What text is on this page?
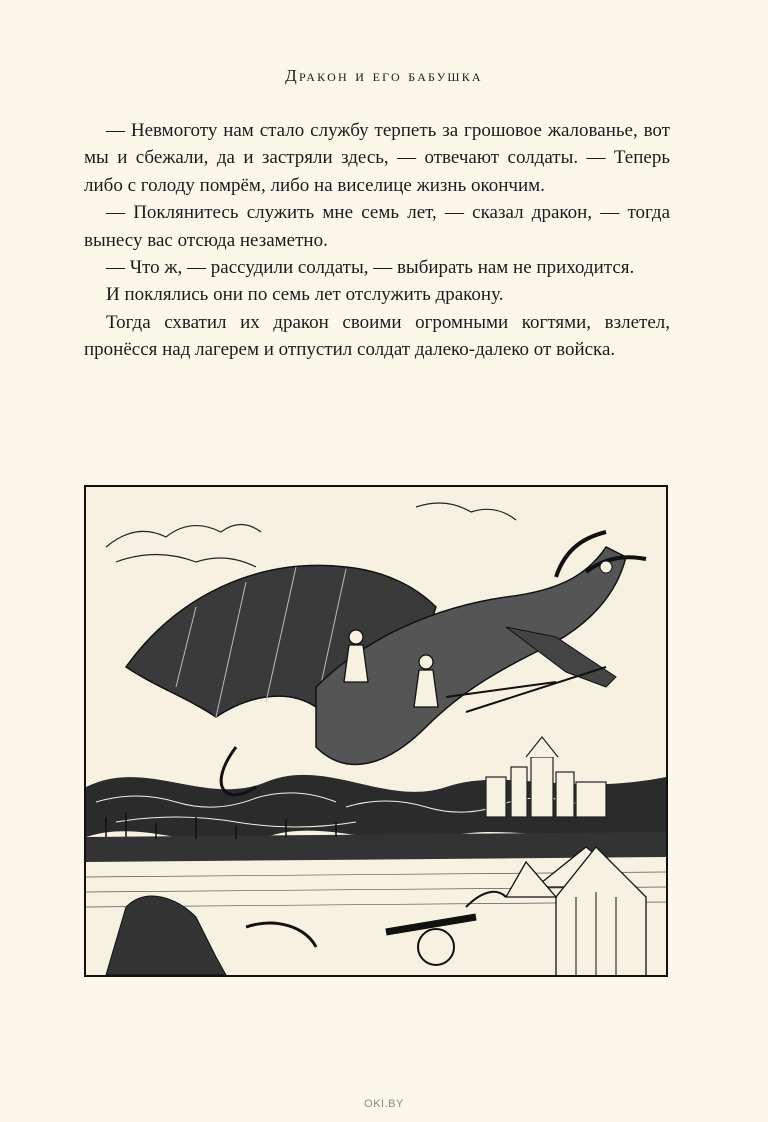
Дракон и его бабушка

— Невмоготу нам стало службу терпеть за грошовое жалованье, вот мы и сбежали, да и застряли здесь, — отвечают солдаты. — Теперь либо с голоду помрём, либо на виселице жизнь окончим.

— Поклянитесь служить мне семь лет, — сказал дракон, — тогда вынесу вас отсюда незаметно.

— Что ж, — рассудили солдаты, — выбирать нам не приходится.

И поклялись они по семь лет отслужить дракону.

Тогда схватил их дракон своими огромными когтями, взлетел, пронёсся над лагерем и отпустил солдат далеко-далеко от войска.

OKI.BY
